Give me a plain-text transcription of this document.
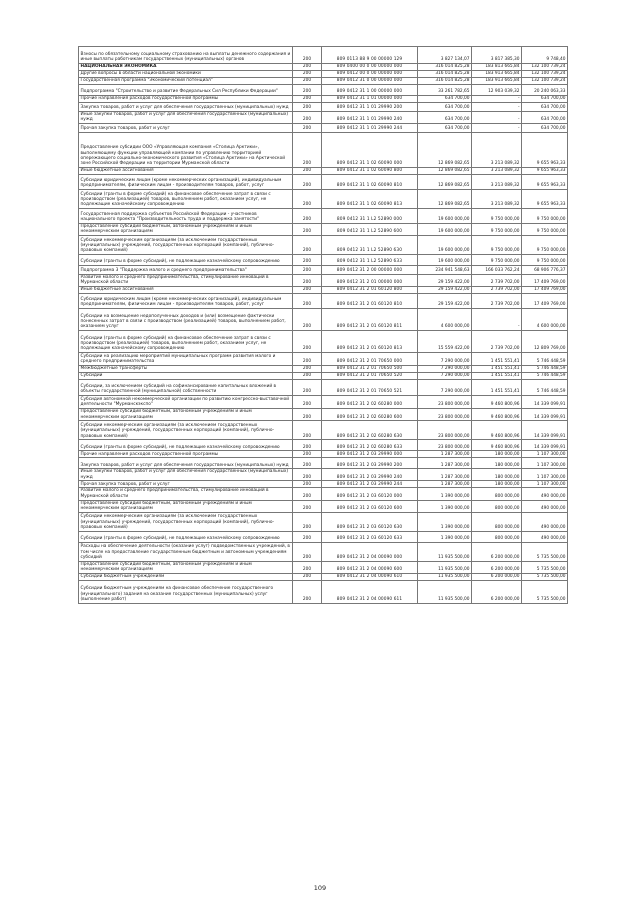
Взносы по обязательному социальному страхованию на выплаты денежного содержания и иные выплаты работникам государственных (муниципальных) органов	200	809 0113 88 9 00 00000 129	3 827 134,07	3 817 385,30	9 748,40
НАЦИОНАЛЬНАЯ ЭКОНОМИКА	200	809 0400 00 0 00 00000 000	316 014 825,28	183 813 665,84	132 100 739,24
Другие вопросы в области национальной экономики	200	809 0412 00 0 00 00000 000	316 014 825,28	183 913 665,84	132 100 739,24
Государственная программа "Экономический потенциал"	200	809 0412 31 0 00 00000 000	316 014 825,28	183 913 665,84	132 100 739,24
Подпрограмма "Строительство и развитие Федеральных Сил Республики Федерации"	200	809 0412 31 1 00 00000 000	33 261 782,65	12 903 039,32	20 240 063,33
Прочие направления расходов государственной программы	200	809 0412 31 1 01 00000 000	634 700,00	-	634 700,00
Закупка товаров, работ и услуг для обеспечения государственных (муниципальных) нужд	200	809 0412 31 1 01 29990 200	634 700,00	-	634 700,00
Иные закупки товаров, работ и услуг для обеспечения государственных (муниципальных) нужд	200	809 0412 31 1 01 29990 240	634 700,00	-	634 700,00
Прочая закупка товаров, работ и услуг	200	809 0412 31 1 01 29990 244	634 700,00	-	634 700,00
Предоставление субсидии ООО «Управляющая компания «Столица Арктики», выполняющему функции управляющей компании по управлению территорией опережающего социально-экономического развития «Столица Арктики» на Арктической зоне Российской Федерации на территории Мурманской области	200	809 0412 31 1 02 60090 000	12 869 082,65	3 213 089,32	9 655 963,33
Иные бюджетные ассигнования	200	809 0412 31 1 02 60090 800	12 869 082,65	3 213 089,32	9 655 963,33
Субсидии юридическим лицам (кроме некоммерческих организаций), индивидуальным предпринимателям, физическим лицам - производителям товаров, работ, услуг	200	809 0412 31 1 02 60090 810	12 869 082,65	3 213 089,32	9 655 963,33
Субсидии (гранты в форме субсидий) на финансовое обеспечение затрат в связи с производством (реализацией) товаров, выполнением работ, оказанием услуг, не подлежащие казначейскому сопровождению	200	809 0412 31 1 02 60090 813	12 869 082,65	3 213 089,32	9 655 963,33
Государственная поддержка субъектов Российской Федерации - участников национального проекта "Производительность труда и поддержка занятости"	200	809 0412 31 1 L2 52890 000	19 600 000,00	9 750 000,00	9 750 000,00
Предоставление субсидий бюджетным, автономным учреждениям и иным некоммерческим организациям	200	809 0412 31 1 L2 52890 600	19 600 000,00	9 750 000,00	9 750 000,00
Субсидии некоммерческим организациям (за исключением государственных (муниципальных) учреждений, государственных корпораций (компаний), публично-правовых компаний)	200	809 0412 31 1 L2 52890 630	19 600 000,00	9 750 000,00	9 750 000,00
Субсидии (гранты в форме субсидий), не подлежащие казначейскому сопровождению	200	809 0412 31 1 L2 52890 633	19 600 000,00	9 750 000,00	9 750 000,00
Подпрограмма 3 "Поддержка малого и среднего предпринимательства"	200	809 0412 31 2 00 00000 000	234 941 548,63	166 033 762,24	68 906 776,37
Развитие малого и среднего предпринимательства, стимулирование инноваций в Мурманской области	200	809 0412 31 2 01 00000 000	29 159 422,00	2 739 702,00	17 409 769,00
Иные бюджетные ассигнования	200	809 0412 31 2 01 60120 800	29 159 422,00	2 739 702,00	17 409 769,00
Субсидии юридическим лицам (кроме некоммерческих организаций), индивидуальным предпринимателям, физическим лицам - производителям товаров, работ, услуг	200	809 0412 31 2 01 60120 810	29 159 422,00	2 739 702,00	17 409 769,00
Субсидии на возмещение недополученных доходов и (или) возмещение фактически понесенных затрат в связи с производством (реализацией) товаров, выполнением работ, оказанием услуг	200	809 0412 31 2 01 60120 811	4 600 000,00	-	4 600 000,00
Субсидии (гранты в форме субсидий) на финансовое обеспечение затрат в связи с производством (реализацией) товаров, выполнением работ, оказанием услуг, не подлежащие казначейскому сопровождению	200	809 0412 31 2 01 60120 813	15 559 422,00	2 739 702,00	12 809 769,00
Субсидии на реализацию мероприятий муниципальных программ развития малого и среднего предпринимательства	200	809 0412 31 2 01 70650 000	7 290 000,00	1 451 551,41	5 746 448,59
Межбюджетные трансферты	200	809 0412 31 2 01 70650 500	7 290 000,00	1 451 551,41	5 746 448,59
Субсидии	200	809 0412 31 2 01 70650 520	7 290 000,00	1 451 551,41	5 746 448,59
Субсидии, за исключением субсидий на софинансирование капитальных вложений в объекты государственной (муниципальной) собственности	200	809 0412 31 2 01 70650 521	7 290 000,00	1 451 551,41	5 746 448,59
Субсидия автономной некоммерческой организации по развитию конгрессно-выставочной деятельности "Мурманскэкспо"	200	809 0412 31 2 02 60280 000	23 800 000,00	9 460 800,96	14 339 099,91
Предоставление субсидий бюджетным, автономным учреждениям и иным некоммерческим организациям	200	809 0412 31 2 02 60280 600	23 800 000,00	9 460 800,96	14 339 099,91
Субсидии некоммерческим организациям (за исключением государственных (муниципальных) учреждений, государственных корпораций (компаний), публично-правовых компаний)	200	809 0412 31 2 02 60280 630	23 800 000,00	9 460 800,96	14 339 099,91
Субсидии (гранты в форме субсидий), не подлежащие казначейскому сопровождению	200	809 0412 31 2 02 60280 633	23 800 000,00	9 460 800,96	14 339 099,91
Прочие направления расходов государственной программы	200	809 0412 31 2 03 29990 000	1 287 300,00	180 000,00	1 107 300,00
Закупка товаров, работ и услуг для обеспечения государственных (муниципальных) нужд	200	809 0412 31 2 03 29990 200	1 287 300,00	180 000,00	1 107 300,00
Иные закупки товаров, работ и услуг для обеспечения государственных (муниципальных) нужд	200	809 0412 31 2 03 29990 240	1 287 300,00	180 000,00	1 107 300,00
Прочая закупка товаров, работ и услуг	200	809 0412 31 2 03 29990 244	1 287 300,00	180 000,00	1 107 300,00
Развитие малого и среднего предпринимательства, стимулирование инноваций в Мурманской области	200	809 0412 31 2 03 60120 000	1 390 000,00	800 000,00	490 000,00
Предоставление субсидий бюджетным, автономным учреждениям и иным некоммерческим организациям	200	809 0412 31 2 03 60120 600	1 390 000,00	800 000,00	490 000,00
Субсидии некоммерческим организациям (за исключением государственных (муниципальных) учреждений, государственных корпораций (компаний), публично-правовых компаний)	200	809 0412 31 2 03 60120 630	1 390 000,00	800 000,00	490 000,00
Субсидии (гранты в форме субсидий), не подлежащие казначейскому сопровождению	200	809 0412 31 2 03 60120 633	1 390 000,00	800 000,00	490 000,00
Расходы на обеспечение деятельности (оказание услуг) подведомственных учреждений, в том числе на предоставление государственным бюджетным и автономным учреждениям субсидий	200	809 0412 31 2 04 00090 000	11 935 500,00	6 200 000,00	5 735 500,00
Предоставление субсидий бюджетным, автономным учреждениям и иным некоммерческим организациям	200	809 0412 31 2 04 00090 600	11 935 500,00	6 200 000,00	5 735 500,00
Субсидии бюджетным учреждениям	200	809 0412 31 2 04 00090 610	11 935 500,00	6 200 000,00	5 735 500,00
Субсидии бюджетным учреждениям на финансовое обеспечение государственного (муниципального) задания на оказание государственных (муниципальных) услуг (выполнение работ)	200	809 0412 31 2 04 00090 611	11 935 500,00	6 200 000,00	5 735 500,00
109
